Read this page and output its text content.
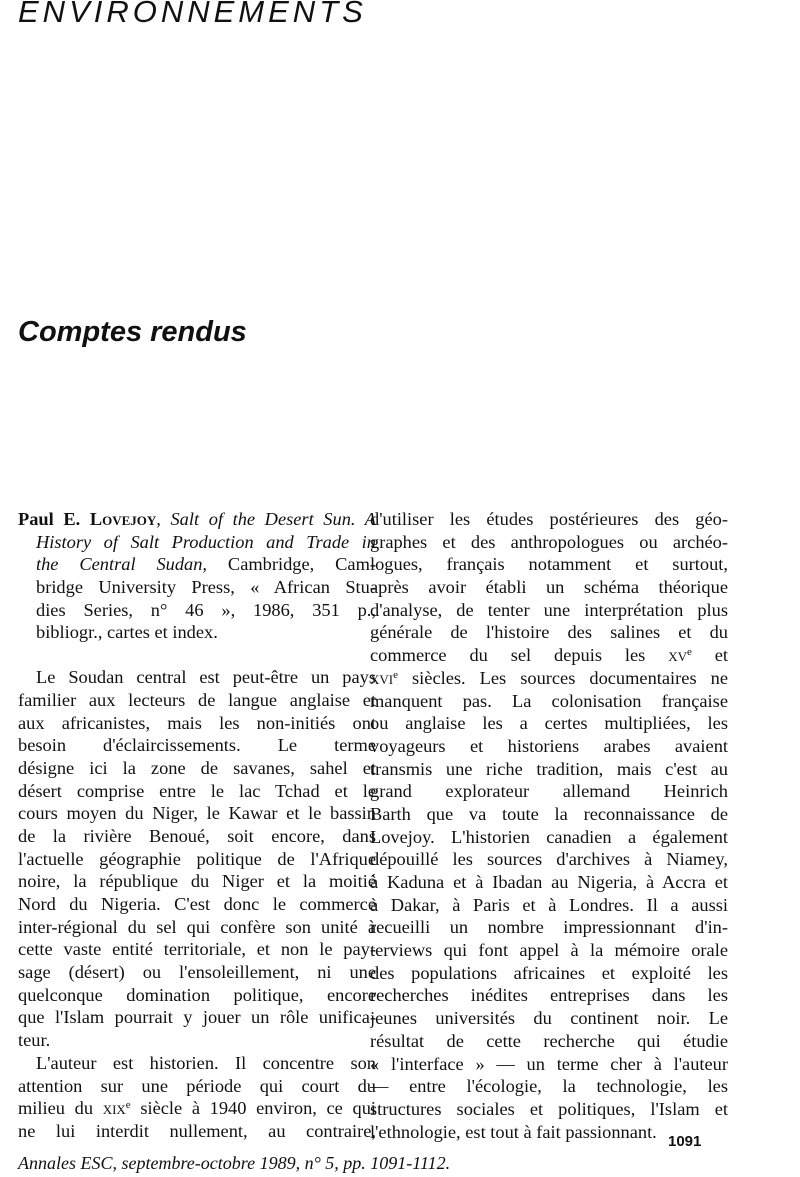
ENVIRONNEMENTS
Comptes rendus
Paul E. Lovejoy, Salt of the Desert Sun. A
History of Salt Production and Trade in
the Central Sudan, Cambridge, Cam-
bridge University Press, « African Stu-
dies Series, n° 46 », 1986, 351 p.,
bibliogr., cartes et index.
Le Soudan central est peut-être un pays
familier aux lecteurs de langue anglaise et
aux africanistes, mais les non-initiés ont
besoin d'éclaircissements. Le terme
désigne ici la zone de savanes, sahel et
désert comprise entre le lac Tchad et le
cours moyen du Niger, le Kawar et le bassin
de la rivière Benoué, soit encore, dans
l'actuelle géographie politique de l'Afrique
noire, la république du Niger et la moitié
Nord du Nigeria. C'est donc le commerce
inter-régional du sel qui confère son unité à
cette vaste entité territoriale, et non le pay-
sage (désert) ou l'ensoleillement, ni une
quelconque domination politique, encore
que l'Islam pourrait y jouer un rôle unifica-
teur.
L'auteur est historien. Il concentre son
attention sur une période qui court du
milieu du xix$^e$ siècle à 1940 environ, ce qui
ne lui interdit nullement, au contraire,
d'utiliser les études postérieures des géo-
graphes et des anthropologues ou archéo-
logues, français notamment et surtout,
après avoir établi un schéma théorique
d'analyse, de tenter une interprétation plus
générale de l'histoire des salines et du
commerce du sel depuis les $xv^e$ et
xvi$^e$ siècles. Les sources documentaires ne
manquent pas. La colonisation française
ou anglaise les a certes multipliées, les
voyageurs et historiens arabes avaient
transmis une riche tradition, mais c'est au
grand explorateur allemand Heinrich
Barth que va toute la reconnaissance de
Lovejoy. L'historien canadien a également
dépouillé les sources d'archives à Niamey,
à Kaduna et à Ibadan au Nigeria, à Accra et
à Dakar, à Paris et à Londres. Il a aussi
recueilli un nombre impressionnant d'in-
terviews qui font appel à la mémoire orale
des populations africaines et exploité les
recherches inédites entreprises dans les
jeunes universités du continent noir. Le
résultat de cette recherche qui étudie
« l'interface » — un terme cher à l'auteur
— entre l'écologie, la technologie, les
structures sociales et politiques, l'Islam et
l'ethnologie, est tout à fait passionnant. 1091
Annales ESC, septembre-octobre 1989, n° 5, pp. 1091-1112.
